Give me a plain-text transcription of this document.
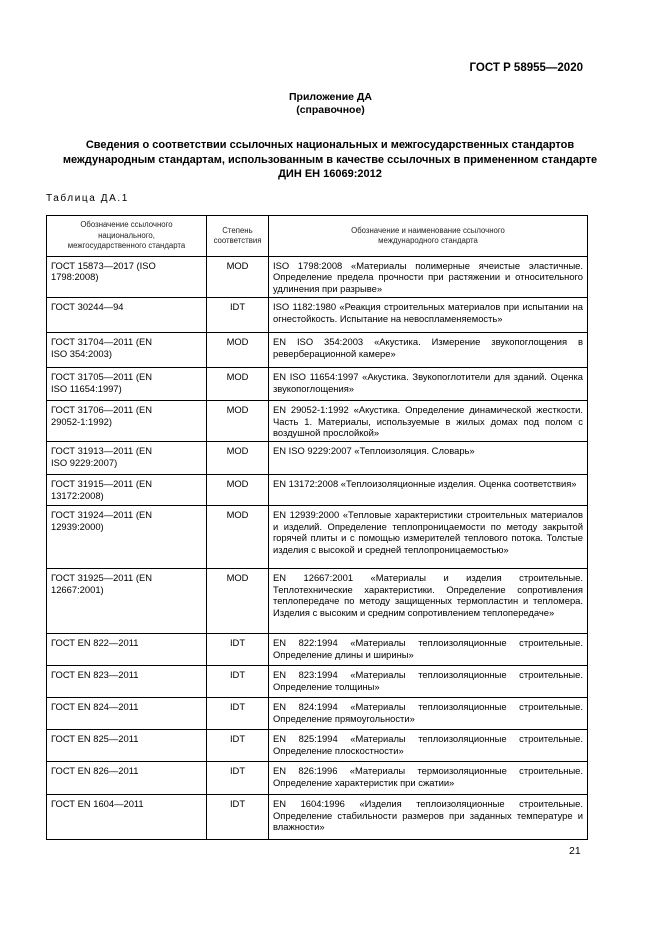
ГОСТ Р 58955—2020
Приложение ДА
(справочное)
Сведения о соответствии ссылочных национальных и межгосударственных стандартов международным стандартам, использованным в качестве ссылочных в примененном стандарте ДИН ЕН 16069:2012
Таблица ДА.1
Обозначение ссылочного национального, межгосударственного стандарта	Степень соответствия	Обозначение и наименование ссылочного международного стандарта
ГОСТ 15873—2017 (ISO 1798:2008)	MOD	ISO 1798:2008 «Материалы полимерные ячеистые эластичные. Определение предела прочности при растяжении и относительного удлинения при разрыве»
ГОСТ 30244—94	IDT	ISO 1182:1980 «Реакция строительных материалов при испытании на огнестойкость. Испытание на невоспламеняемость»
ГОСТ 31704—2011 (EN ISO 354:2003)	MOD	EN ISO 354:2003 «Акустика. Измерение звукопоглощения в реверберационной камере»
ГОСТ 31705—2011 (EN ISO 11654:1997)	MOD	EN ISO 11654:1997 «Акустика. Звукопоглотители для зданий. Оценка звукопоглощения»
ГОСТ 31706—2011 (EN 29052-1:1992)	MOD	EN 29052-1:1992 «Акустика. Определение динамической жесткости. Часть 1. Материалы, используемые в жилых домах под полом с воздушной прослойкой»
ГОСТ 31913—2011 (EN ISO 9229:2007)	MOD	EN ISO 9229:2007 «Теплоизоляция. Словарь»
ГОСТ 31915—2011 (EN 13172:2008)	MOD	EN 13172:2008 «Теплоизоляционные изделия. Оценка соответствия»
ГОСТ 31924—2011 (EN 12939:2000)	MOD	EN 12939:2000 «Тепловые характеристики строительных материалов и изделий. Определение теплопроницаемости по методу закрытой горячей плиты и с помощью измерителей теплового потока. Толстые изделия с высокой и средней теплопроницаемостью»
ГОСТ 31925—2011 (EN 12667:2001)	MOD	EN 12667:2001 «Материалы и изделия строительные. Теплотехнические характеристики. Определение сопротивления теплопередаче по методу защищенных термопластин и тепломера. Изделия с высоким и средним сопротивлением теплопередаче»
ГОСТ EN 822—2011	IDT	EN 822:1994 «Материалы теплоизоляционные строительные. Определение длины и ширины»
ГОСТ EN 823—2011	IDT	EN 823:1994 «Материалы теплоизоляционные строительные. Определение толщины»
ГОСТ EN 824—2011	IDT	EN 824:1994 «Материалы теплоизоляционные строительные. Определение прямоугольности»
ГОСТ EN 825—2011	IDT	EN 825:1994 «Материалы теплоизоляционные строительные. Определение плоскостности»
ГОСТ EN 826—2011	IDT	EN 826:1996 «Материалы термоизоляционные строительные. Определение характеристик при сжатии»
ГОСТ EN 1604—2011	IDT	EN 1604:1996 «Изделия теплоизоляционные строительные. Определение стабильности размеров при заданных температуре и влажности»
21
